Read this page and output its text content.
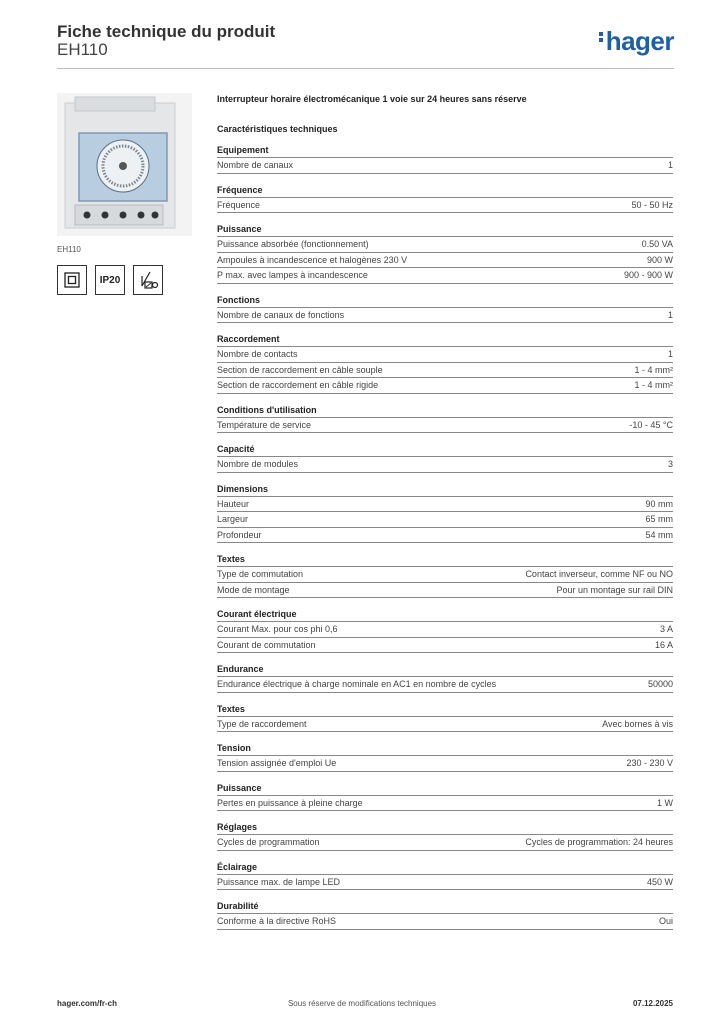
Fiche technique du produit
EH110	hager
EH110
IP20
Interrupteur horaire électromécanique 1 voie sur 24 heures sans réserve
Caractéristiques techniques
Equipement
Nombre de canaux	1
Fréquence
Fréquence	50 - 50 Hz
Puissance
Puissance absorbée (fonctionnement)	0.50 VA
Ampoules à incandescence et halogènes 230 V	900 W
P max. avec lampes à incandescence	900 - 900 W
Fonctions
Nombre de canaux de fonctions	1
Raccordement
Nombre de contacts	1
Section de raccordement en câble souple	1 - 4 mm²
Section de raccordement en câble rigide	1 - 4 mm²
Conditions d'utilisation
Température de service	-10 - 45 °C
Capacité
Nombre de modules	3
Dimensions
Hauteur	90 mm
Largeur	65 mm
Profondeur	54 mm
Textes
Type de commutation	Contact inverseur, comme NF ou NO
Mode de montage	Pour un montage sur rail DIN
Courant électrique
Courant Max. pour cos phi 0,6	3 A
Courant de commutation	16 A
Endurance
Endurance électrique à charge nominale en AC1 en nombre de cycles	50000
Textes
Type de raccordement	Avec bornes à vis
Tension
Tension assignée d'emploi Ue	230 - 230 V
Puissance
Pertes en puissance à pleine charge	1 W
Réglages
Cycles de programmation	Cycles de programmation: 24 heures
Éclairage
Puissance max. de lampe LED	450 W
Durabilité
Conforme à la directive RoHS	Oui
hager.com/fr-ch	Sous réserve de modifications techniques	07.12.2025
